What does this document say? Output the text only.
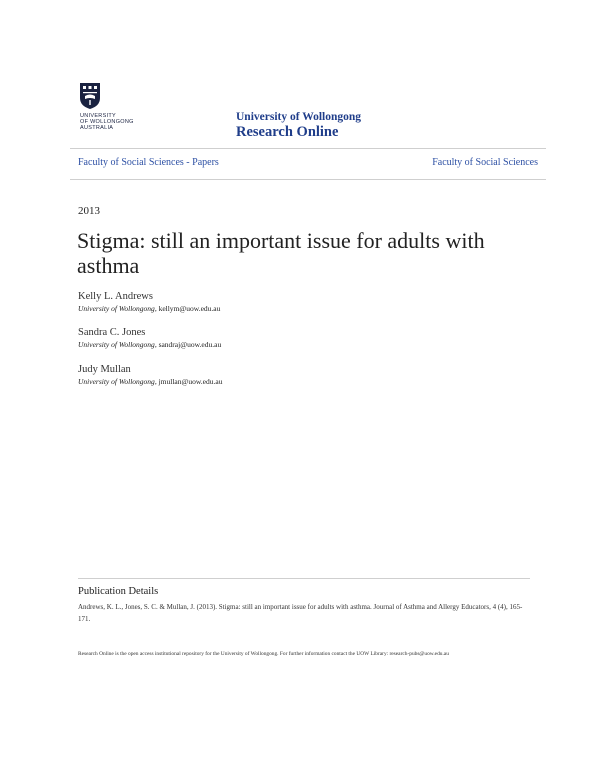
UNIVERSITY
OF WOLLONGONG
AUSTRALIA
University of Wollongong
Research Online
Faculty of Social Sciences - Papers	Faculty of Social Sciences
2013
Stigma: still an important issue for adults with asthma
Kelly L. Andrews
University of Wollongong, kellym@uow.edu.au
Sandra C. Jones
University of Wollongong, sandraj@uow.edu.au
Judy Mullan
University of Wollongong, jmullan@uow.edu.au
Publication Details
Andrews, K. L., Jones, S. C. & Mullan, J. (2013). Stigma: still an important issue for adults with asthma. Journal of Asthma and Allergy Educators, 4 (4), 165-171.
Research Online is the open access institutional repository for the University of Wollongong. For further information contact the UOW Library: research-pubs@uow.edu.au
